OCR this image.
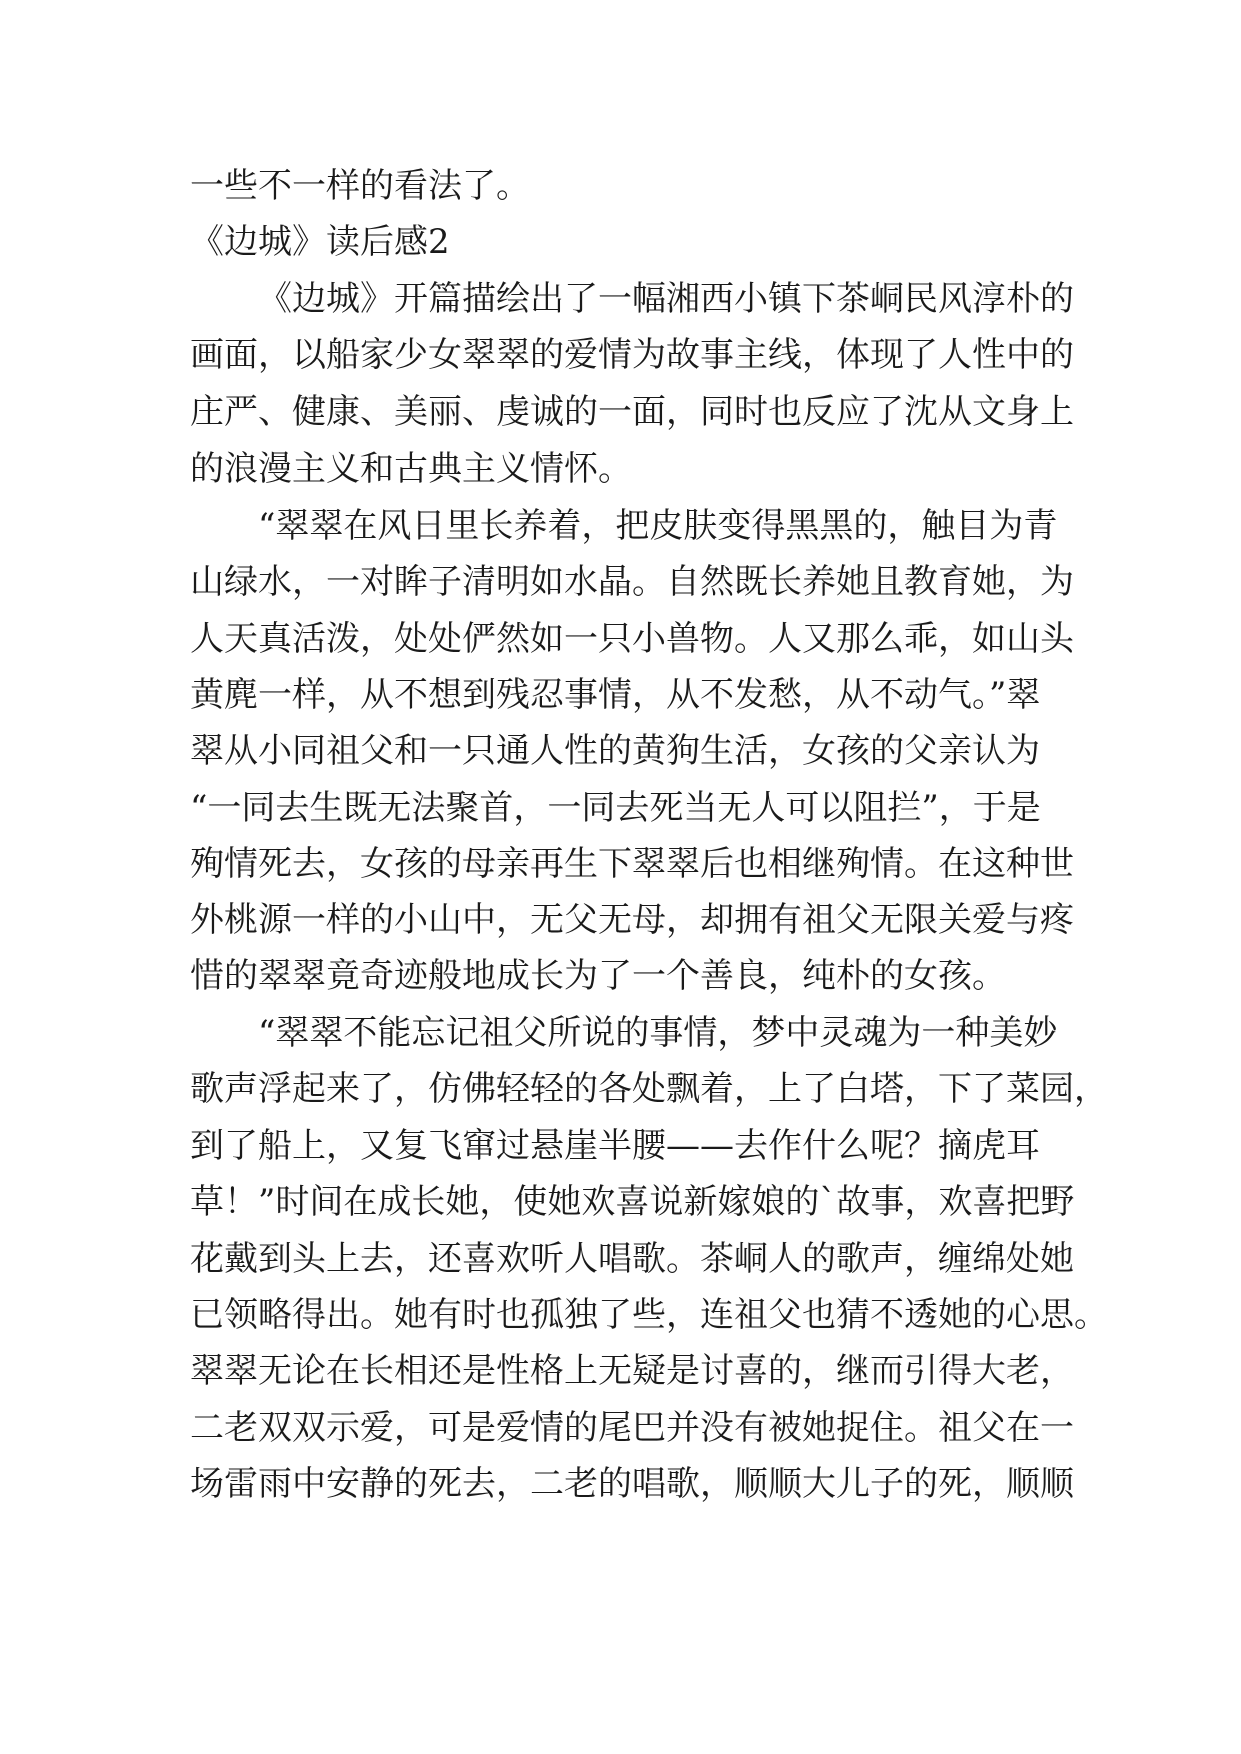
一些不一样的看法了。
《边城》读后感2
《边城》开篇描绘出了一幅湘西小镇下茶峒民风淳朴的
画面，以船家少女翠翠的爱情为故事主线，体现了人性中的
庄严、健康、美丽、虔诚的一面，同时也反应了沈从文身上
的浪漫主义和古典主义情怀。
“翠翠在风日里长养着，把皮肤变得黑黑的，触目为青
山绿水，一对眸子清明如水晶。自然既长养她且教育她，为
人天真活泼，处处俨然如一只小兽物。人又那么乖，如山头
黄麂一样，从不想到残忍事情，从不发愁，从不动气。”翠
翠从小同祖父和一只通人性的黄狗生活，女孩的父亲认为
“一同去生既无法聚首，一同去死当无人可以阻拦”，于是
殉情死去，女孩的母亲再生下翠翠后也相继殉情。在这种世
外桃源一样的小山中，无父无母，却拥有祖父无限关爱与疼
惜的翠翠竟奇迹般地成长为了一个善良，纯朴的女孩。
“翠翠不能忘记祖父所说的事情，梦中灵魂为一种美妙
歌声浮起来了，仿佛轻轻的各处飘着，上了白塔，下了菜园，
到了船上，又复飞窜过悬崖半腰——去作什么呢？摘虎耳
草！”时间在成长她，使她欢喜说新嫁娘的`故事，欢喜把野
花戴到头上去，还喜欢听人唱歌。茶峒人的歌声，缠绵处她
已领略得出。她有时也孤独了些，连祖父也猜不透她的心思。
翠翠无论在长相还是性格上无疑是讨喜的，继而引得大老，
二老双双示爱，可是爱情的尾巴并没有被她捉住。祖父在一
场雷雨中安静的死去，二老的唱歌，顺顺大儿子的死，顺顺
